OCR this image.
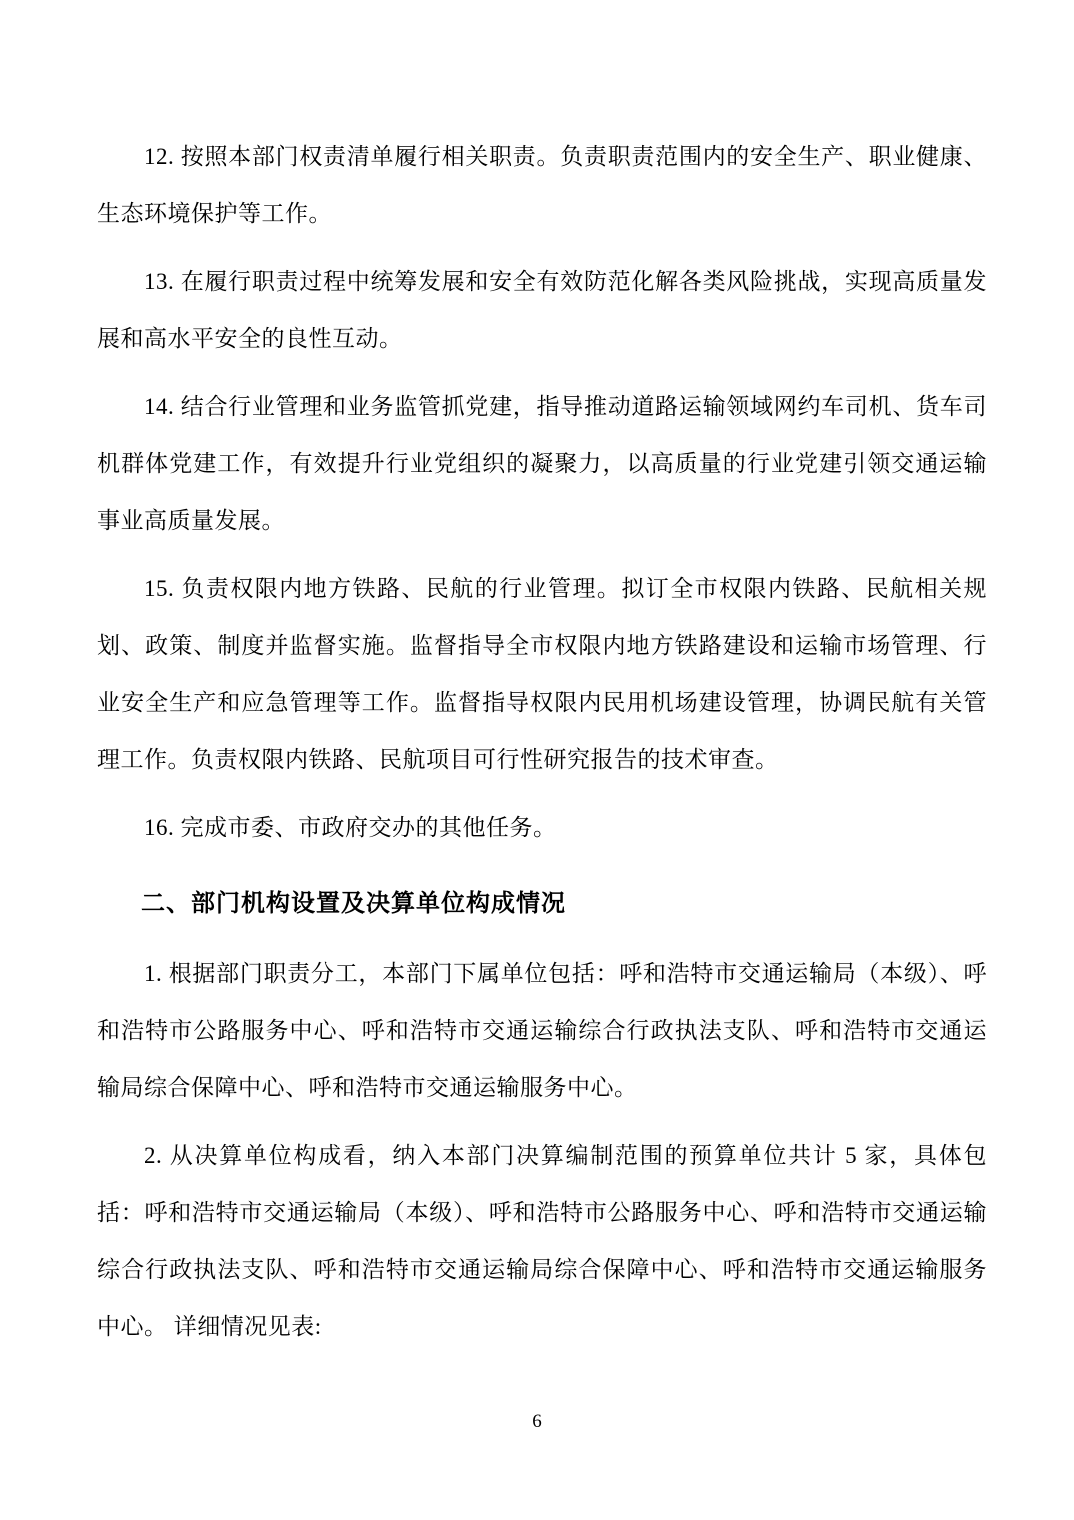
12. 按照本部门权责清单履行相关职责。负责职责范围内的安全生产、职业健康、生态环境保护等工作。

13. 在履行职责过程中统筹发展和安全有效防范化解各类风险挑战，实现高质量发展和高水平安全的良性互动。

14. 结合行业管理和业务监管抓党建，指导推动道路运输领域网约车司机、货车司机群体党建工作，有效提升行业党组织的凝聚力，以高质量的行业党建引领交通运输事业高质量发展。

15. 负责权限内地方铁路、民航的行业管理。拟订全市权限内铁路、民航相关规划、政策、制度并监督实施。监督指导全市权限内地方铁路建设和运输市场管理、行业安全生产和应急管理等工作。监督指导权限内民用机场建设管理，协调民航有关管理工作。负责权限内铁路、民航项目可行性研究报告的技术审查。

16. 完成市委、市政府交办的其他任务。

二、部门机构设置及决算单位构成情况

1. 根据部门职责分工，本部门下属单位包括：呼和浩特市交通运输局（本级）、呼和浩特市公路服务中心、呼和浩特市交通运输综合行政执法支队、呼和浩特市交通运输局综合保障中心、呼和浩特市交通运输服务中心。

2. 从决算单位构成看，纳入本部门决算编制范围的预算单位共计 5 家，具体包括：呼和浩特市交通运输局（本级）、呼和浩特市公路服务中心、呼和浩特市交通运输综合行政执法支队、呼和浩特市交通运输局综合保障中心、呼和浩特市交通运输服务中心。 详细情况见表:

6
